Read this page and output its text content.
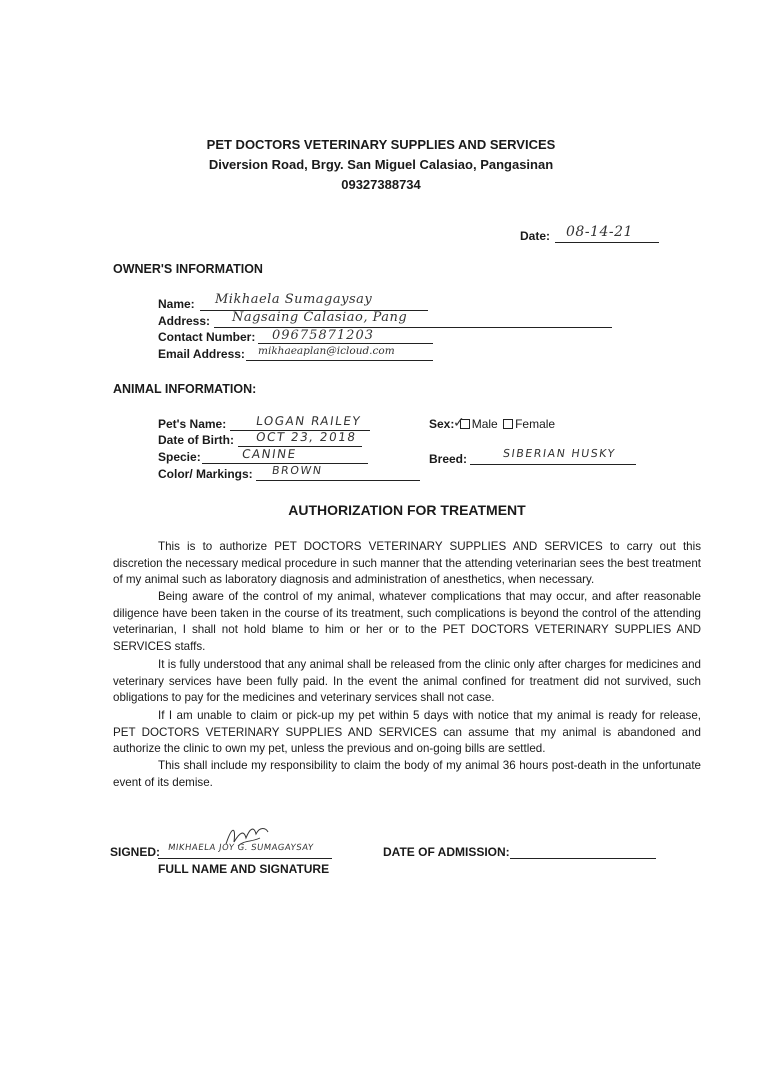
PET DOCTORS VETERINARY SUPPLIES AND SERVICES
Diversion Road, Brgy. San Miguel Calasiao, Pangasinan
09327388734
Date: 08-14-21
OWNER'S INFORMATION
Name: Mikhaela Sumagaysay
Address: Nagsaing Calasiao, Pang
Contact Number: 09675871203
Email Address: mikhaeaplan@icloud.com
ANIMAL INFORMATION:
Pet's Name: LOGAN RAILEY
Date of Birth: OCT 23, 2018
Specie:	CANINE
Color/ Markings: BROWN
Sex: Male Female
✓
Breed:	SIBERIAN HUSKY
AUTHORIZATION FOR TREATMENT

This is to authorize PET DOCTORS VETERINARY SUPPLIES AND SERVICES to carry out this discretion the necessary medical procedure in such manner that the attending veterinarian sees the best treatment of my animal such as laboratory diagnosis and administration of anesthetics, when necessary.

Being aware of the control of my animal, whatever complications that may occur, and after reasonable diligence have been taken in the course of its treatment, such complications is beyond the control of the attending veterinarian, I shall not hold blame to him or her or to the PET DOCTORS VETERINARY SUPPLIES AND SERVICES staffs.

It is fully understood that any animal shall be released from the clinic only after charges for medicines and veterinary services have been fully paid. In the event the animal confined for treatment did not survived, such obligations to pay for the medicines and veterinary services shall not case.

If I am unable to claim or pick-up my pet within 5 days with notice that my animal is ready for release, PET DOCTORS VETERINARY SUPPLIES AND SERVICES can assume that my animal is abandoned and authorize the clinic to own my pet, unless the previous and on-going bills are settled.

This shall include my responsibility to claim the body of my animal 36 hours post-death in the unfortunate event of its demise.

SIGNED: MIKHAELA JOY G. SUMAGAYSAY
FULL NAME AND SIGNATURE
DATE OF ADMISSION:
